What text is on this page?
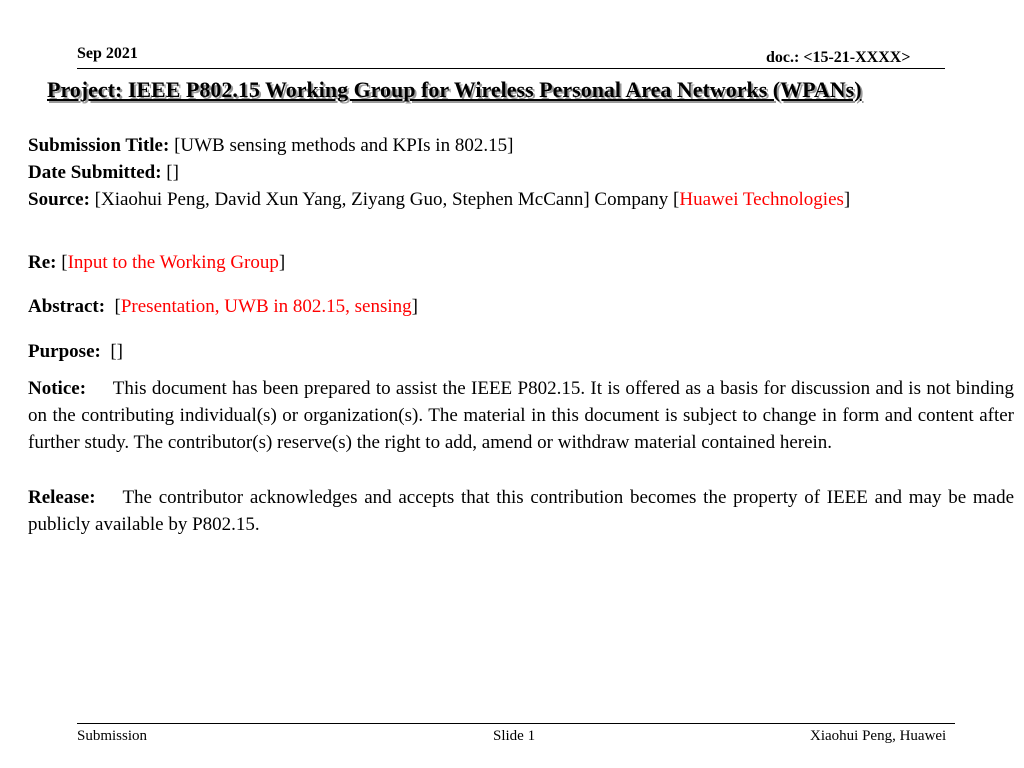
Sep 2021	doc.: <15-21-XXXX>
Project: IEEE P802.15 Working Group for Wireless Personal Area Networks (WPANs)
Submission Title: [UWB sensing methods and KPIs in 802.15]
Date Submitted: []
Source: [Xiaohui Peng, David Xun Yang, Ziyang Guo, Stephen McCann] Company [Huawei Technologies]
Re: [Input to the Working Group]
Abstract: [Presentation, UWB in 802.15, sensing]
Purpose: []
Notice: This document has been prepared to assist the IEEE P802.15. It is offered as a basis for discussion and is not binding on the contributing individual(s) or organization(s). The material in this document is subject to change in form and content after further study. The contributor(s) reserve(s) the right to add, amend or withdraw material contained herein.
Release: The contributor acknowledges and accepts that this contribution becomes the property of IEEE and may be made publicly available by P802.15.
Submission	Slide 1	Xiaohui Peng, Huawei
